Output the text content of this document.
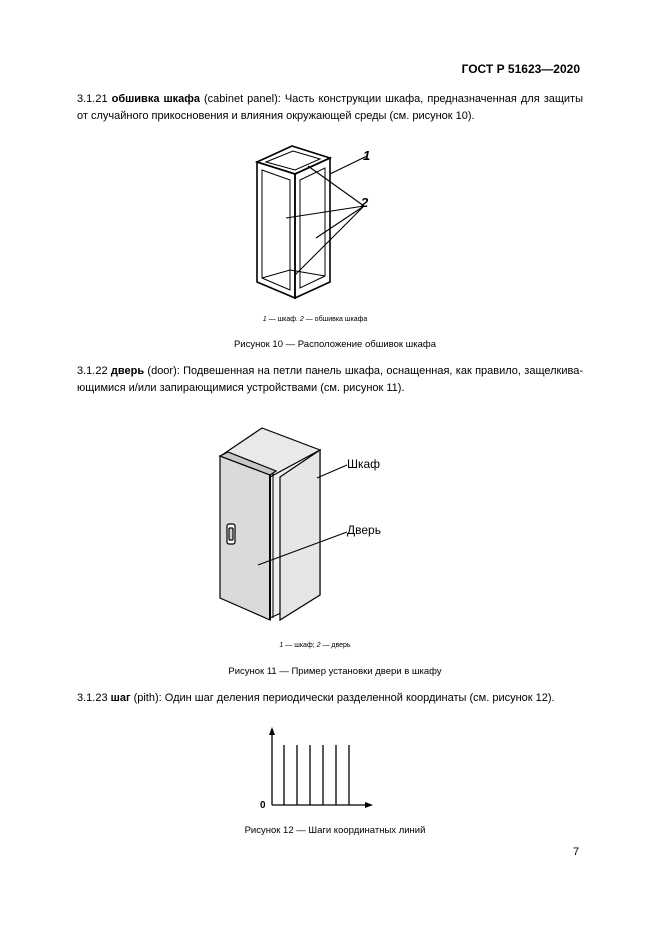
ГОСТ Р 51623—2020
3.1.21 обшивка шкафа (cabinet panel): Часть конструкции шкафа, предназначенная для защиты от случайного прикосновения и влияния окружающей среды (см. рисунок 10).
1
2
1 — шкаф. 2 — обшивка шкафа
Рисунок 10 — Расположение обшивок шкафа
3.1.22 дверь (door): Подвешенная на петли панель шкафа, оснащенная, как правило, защелкивающимися и/или запирающимися устройствами (см. рисунок 11).
Шкаф
Дверь
1 — шкаф; 2 — дверь
Рисунок 11 — Пример установки двери в шкафу
3.1.23 шаг (pith): Один шаг деления периодически разделенной координаты (см. рисунок 12).
0
Рисунок 12 — Шаги координатных линий
7
